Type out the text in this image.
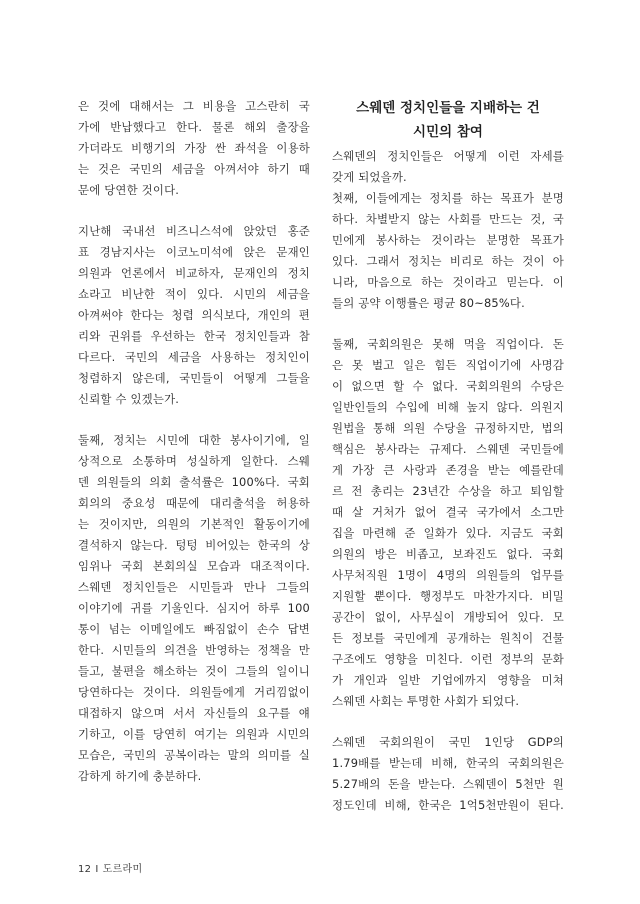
은 것에 대해서는 그 비용을 고스란히 국
가에 반납했다고 한다. 물론 해외 출장을
가더라도 비행기의 가장 싼 좌석을 이용하
는 것은 국민의 세금을 아껴서야 하기 때
문에 당연한 것이다.
지난해 국내선 비즈니스석에 앉았던 홍준
표 경남지사는 이코노미석에 앉은 문재인
의원과 언론에서 비교하자, 문재인의 정치
쇼라고 비난한 적이 있다. 시민의 세금을
아껴써야 한다는 청렴 의식보다, 개인의 편
리와 권위를 우선하는 한국 정치인들과 참
다르다. 국민의 세금을 사용하는 정치인이
청렴하지 않은데, 국민들이 어떻게 그들을
신뢰할 수 있겠는가.
둘째, 정치는 시민에 대한 봉사이기에, 일
상적으로 소통하며 성실하게 일한다. 스웨
덴 의원들의 의회 출석률은 100%다. 국회
회의의 중요성 때문에 대리출석을 허용하
는 것이지만, 의원의 기본적인 활동이기에
결석하지 않는다. 텅텅 비어있는 한국의 상
임위나 국회 본회의실 모습과 대조적이다.
스웨덴 정치인들은 시민들과 만나 그들의
이야기에 귀를 기울인다. 심지어 하루 100
통이 넘는 이메일에도 빠짐없이 손수 답변
한다. 시민들의 의견을 반영하는 정책을 만
들고, 불편을 해소하는 것이 그들의 일이니
당연하다는 것이다. 의원들에게 거리낌없이
대접하지 않으며 서서 자신들의 요구를 얘
기하고, 이를 당연히 여기는 의원과 시민의
모습은, 국민의 공복이라는 말의 의미를 실
감하게 하기에 충분하다.
스웨덴 정치인들을 지배하는 건
시민의 참여
스웨덴의 정치인들은 어떻게 이런 자세를
갖게 되었을까.
첫째, 이들에게는 정치를 하는 목표가 분명
하다. 차별받지 않는 사회를 만드는 것, 국
민에게 봉사하는 것이라는 분명한 목표가
있다. 그래서 정치는 비리로 하는 것이 아
니라, 마음으로 하는 것이라고 믿는다. 이
들의 공약 이행률은 평균 80~85%다.
둘째, 국회의원은 못해 먹을 직업이다. 돈
은 못 벌고 일은 힘든 직업이기에 사명감
이 없으면 할 수 없다. 국회의원의 수당은
일반인들의 수입에 비해 높지 않다. 의원지
원법을 통해 의원 수당을 규정하지만, 법의
핵심은 봉사라는 규제다. 스웨덴 국민들에
게 가장 큰 사랑과 존경을 받는 예를란데
르 전 총리는 23년간 수상을 하고 퇴임할
때 살 거처가 없어 결국 국가에서 소그만
집을 마련해 준 일화가 있다. 지금도 국회
의원의 방은 비좁고, 보좌진도 없다. 국회
사무처직원 1명이 4명의 의원들의 업무를
지원할 뿐이다. 행정부도 마찬가지다. 비밀
공간이 없이, 사무실이 개방되어 있다. 모
든 정보를 국민에게 공개하는 원칙이 건물
구조에도 영향을 미친다. 이런 정부의 문화
가 개인과 일반 기업에까지 영향을 미쳐
스웨덴 사회는 투명한 사회가 되었다.
스웨덴 국회의원이 국민 1인당 GDP의
1.79배를 받는데 비해, 한국의 국회의원은
5.27배의 돈을 받는다. 스웨덴이 5천만 원
정도인데 비해, 한국은 1억5천만원이 된다.
12 I 도르라미
